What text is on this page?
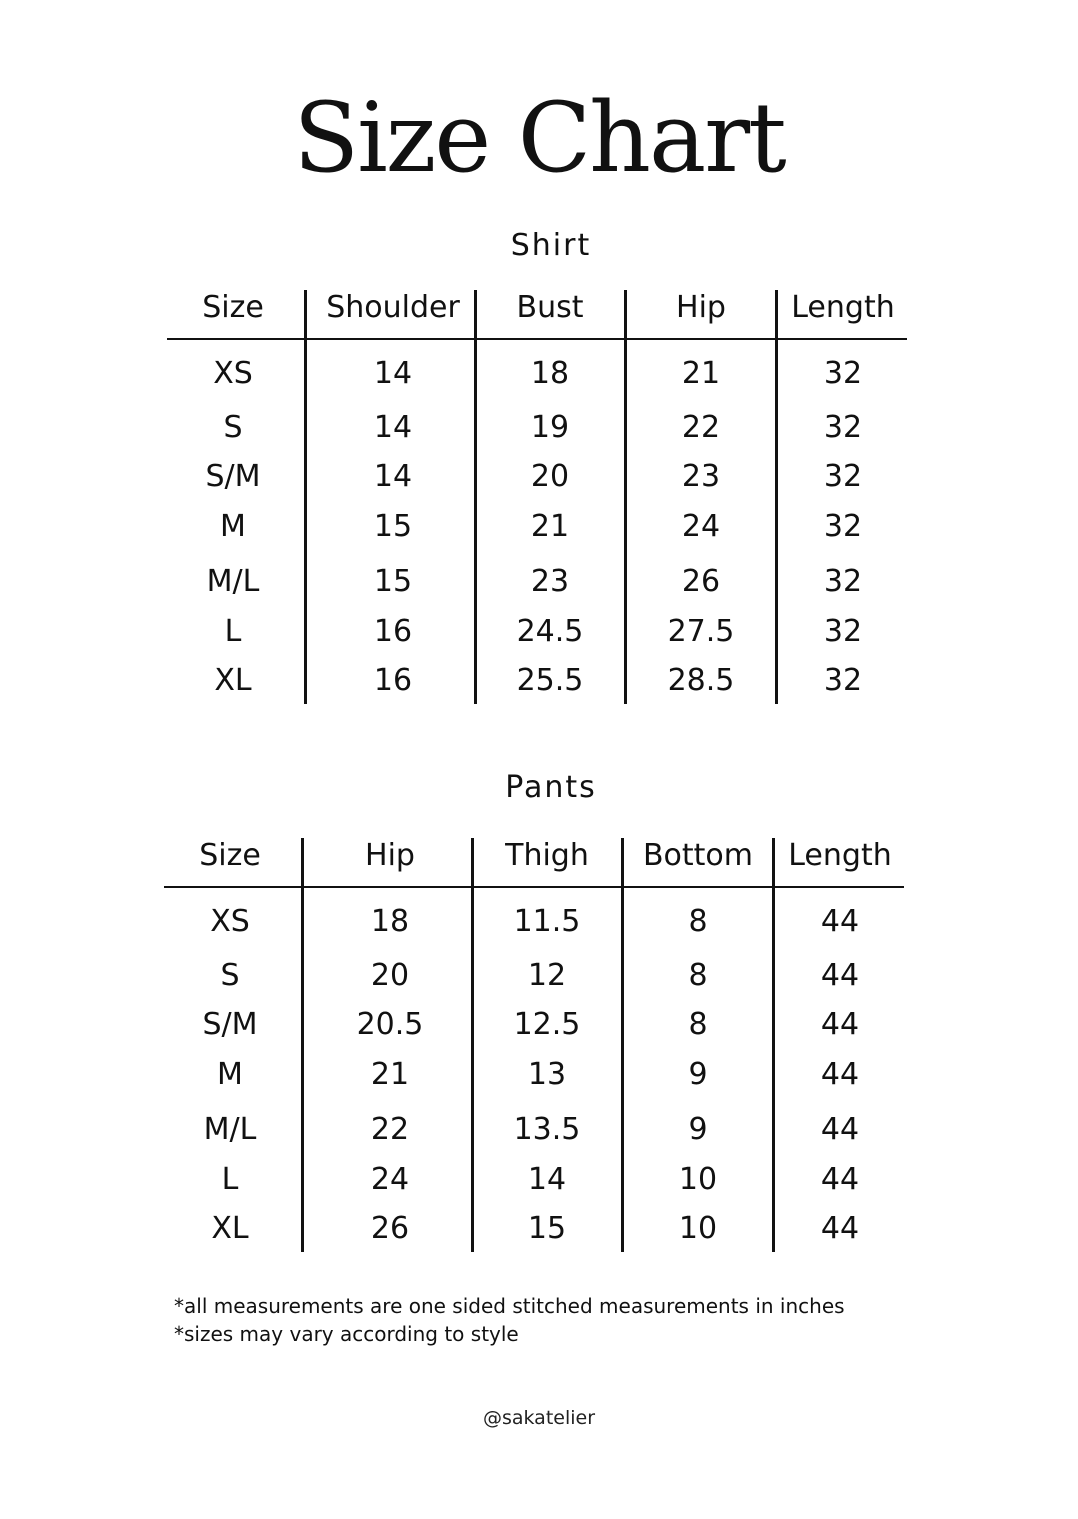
Size Chart
Shirt
Size	Shoulder	Bust	Hip	Length
XS	14	18	21	32
S	14	19	22	32
S/M	14	20	23	32
M	15	21	24	32
M/L	15	23	26	32
L	16	24.5	27.5	32
XL	16	25.5	28.5	32
Pants
Size	Hip	Thigh	Bottom	Length
XS	18	11.5	8	44
S	20	12	8	44
S/M	20.5	12.5	8	44
M	21	13	9	44
M/L	22	13.5	9	44
L	24	14	10	44
XL	26	15	10	44
*all measurements are one sided stitched measurements in inches
*sizes may vary according to style
@sakatelier
